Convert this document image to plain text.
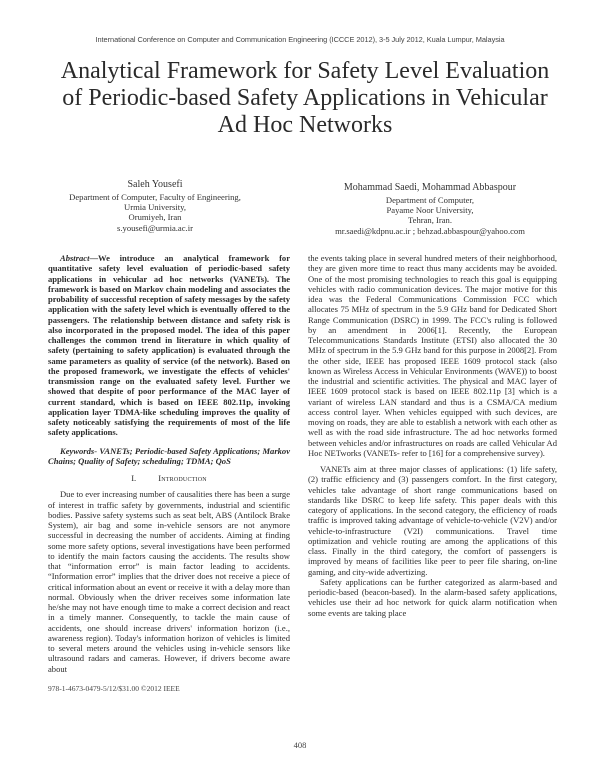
International Conference on Computer and Communication Engineering (ICCCE 2012), 3-5 July 2012, Kuala Lumpur, Malaysia
Analytical Framework for Safety Level Evaluation
of Periodic-based Safety Applications in Vehicular
Ad Hoc Networks
Saleh Yousefi
Department of Computer, Faculty of Engineering,
Urmia University,
Orumiyeh, Iran
s.yousefi@urmia.ac.ir
Mohammad Saedi, Mohammad Abbaspour
Department of Computer,
Payame Noor University,
Tehran, Iran.
mr.saedi@kdpnu.ac.ir ; behzad.abbaspour@yahoo.com

Abstract—We introduce an analytical framework for quantitative safety level evaluation of periodic-based safety applications in vehicular ad hoc networks (VANETs). The framework is based on Markov chain modeling and associates the probability of successful reception of safety messages by the safety application with the safety level which is eventually offered to the passengers. The relationship between distance and safety risk is also incorporated in the proposed model. The idea of this paper challenges the common trend in literature in which quality of safety (pertaining to safety application) is evaluated through the same parameters as quality of service (of the network). Based on the proposed framework, we investigate the effects of vehicles' transmission range on the evaluated safety level. Further we showed that despite of poor performance of the MAC layer of current standard, which is based on IEEE 802.11p, invoking application layer TDMA-like scheduling improves the quality of safety noticeably satisfying the requirements of most of the life safety applications.

Keywords- VANETs; Periodic-based Safety Applications; Markov Chains; Quality of Safety; scheduling; TDMA; QoS

I.	Introduction

Due to ever increasing number of causalities there has been a surge of interest in traffic safety by governments, industrial and scientific bodies. Passive safety systems such as seat belt, ABS (Antilock Brake System), air bag and some in-vehicle sensors are not anymore successful in decreasing the number of accidents. Aiming at finding some more safety options, several investigations have been performed to identify the main factors causing the accidents. The results show that “information error” is main factor leading to accidents. “Information error” implies that the driver does not receive a piece of critical information about an event or receive it with a delay more than normal. Obviously when the driver receives some information late he/she may not have enough time to make a correct decision and react in a timely manner. Consequently, to tackle the main cause of accidents, one should increase drivers' information horizon (i.e., awareness region). Today's information horizon of vehicles is limited to several meters around the vehicles using in-vehicle sensors like ultrasound radars and cameras. However, if drivers become aware about

the events taking place in several hundred meters of their neighborhood, they are given more time to react thus many accidents may be avoided. One of the most promising technologies to reach this goal is equipping vehicles with radio communication devices. The major motive for this idea was the Federal Communications Commission FCC which allocates 75 MHz of spectrum in the 5.9 GHz band for Dedicated Short Range Communication (DSRC) in 1999. The FCC's ruling is followed by an amendment in 2006[1]. Recently, the European Telecommunications Standards Institute (ETSI) also allocated the 30 MHz of spectrum in the 5.9 GHz band for this purpose in 2008[2]. From the other side, IEEE has proposed IEEE 1609 protocol stack (also known as Wireless Access in Vehicular Environments (WAVE)) to boost the industrial and scientific activities. The physical and MAC layer of IEEE 1609 protocol stack is based on IEEE 802.11p [3] which is a variant of wireless LAN standard and thus is a CSMA/CA medium access control layer. When vehicles equipped with such devices, are moving on roads, they are able to establish a network with each other as well as with the road side infrastructure. The ad hoc networks formed between vehicles and/or infrastructures on roads are called Vehicular Ad Hoc NETworks (VANETs- refer to [16] for a comprehensive survey).

VANETs aim at three major classes of applications: (1) life safety, (2) traffic efficiency and (3) passengers comfort. In the first category, vehicles take advantage of short range communications based on standards like DSRC to keep life safety. This paper deals with this category of applications. In the second category, the efficiency of roads traffic is improved taking advantage of vehicle-to-vehicle (V2V) and/or vehicle-to-infrastructure (V2I) communications. Travel time optimization and vehicle routing are among the applications of this class. Finally in the third category, the comfort of passengers is improved by means of facilities like peer to peer file sharing, on-line gaming, and city-wide advertizing.

Safety applications can be further categorized as alarm-based and periodic-based (beacon-based). In the alarm-based safety applications, vehicles use their ad hoc network for quick alarm notification when some events are taking place

978-1-4673-0479-5/12/$31.00 ©2012 IEEE
408
